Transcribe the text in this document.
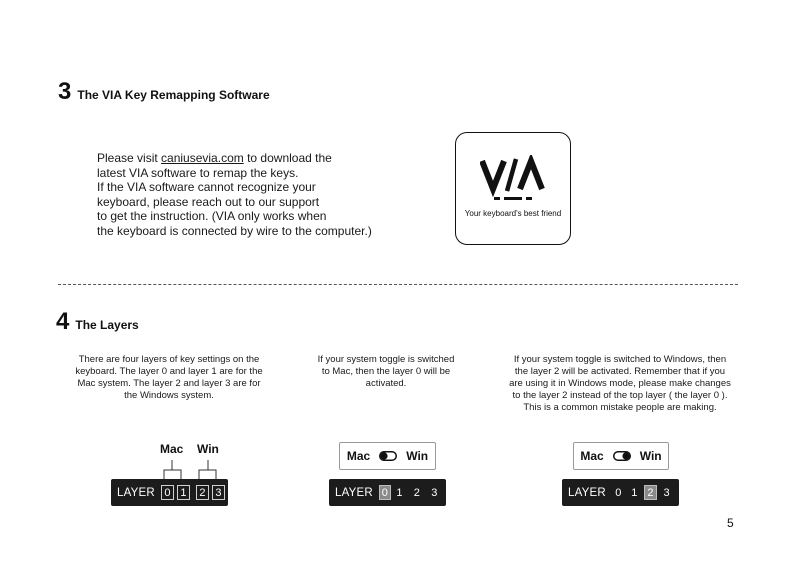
3 The VIA Key Remapping Software
Please visit caniusevia.com to download the
latest VIA software to remap the keys.
If the VIA software cannot recognize your
keyboard, please reach out to our support
to get the instruction. (VIA only works when
the keyboard is connected by wire to the computer.)
Your keyboard's best friend
4 The Layers
There are four layers of key settings on the
keyboard. The layer 0 and layer 1 are for the
Mac system. The layer 2 and layer 3 are for
the Windows system.
If your system toggle is switched
to Mac, then the layer 0 will be
activated.
If your system toggle is switched to Windows, then
the layer 2 will be activated. Remember that if you
are using it in Windows mode, please make changes
to the layer 2 instead of the top layer ( the layer 0 ).
This is a common mistake people are making.
Mac Win
LAYER 0 1	2 3
Mac	Win
LAYER 0 1 2 3
Mac	Win
LAYER 0 1 2 3
5
